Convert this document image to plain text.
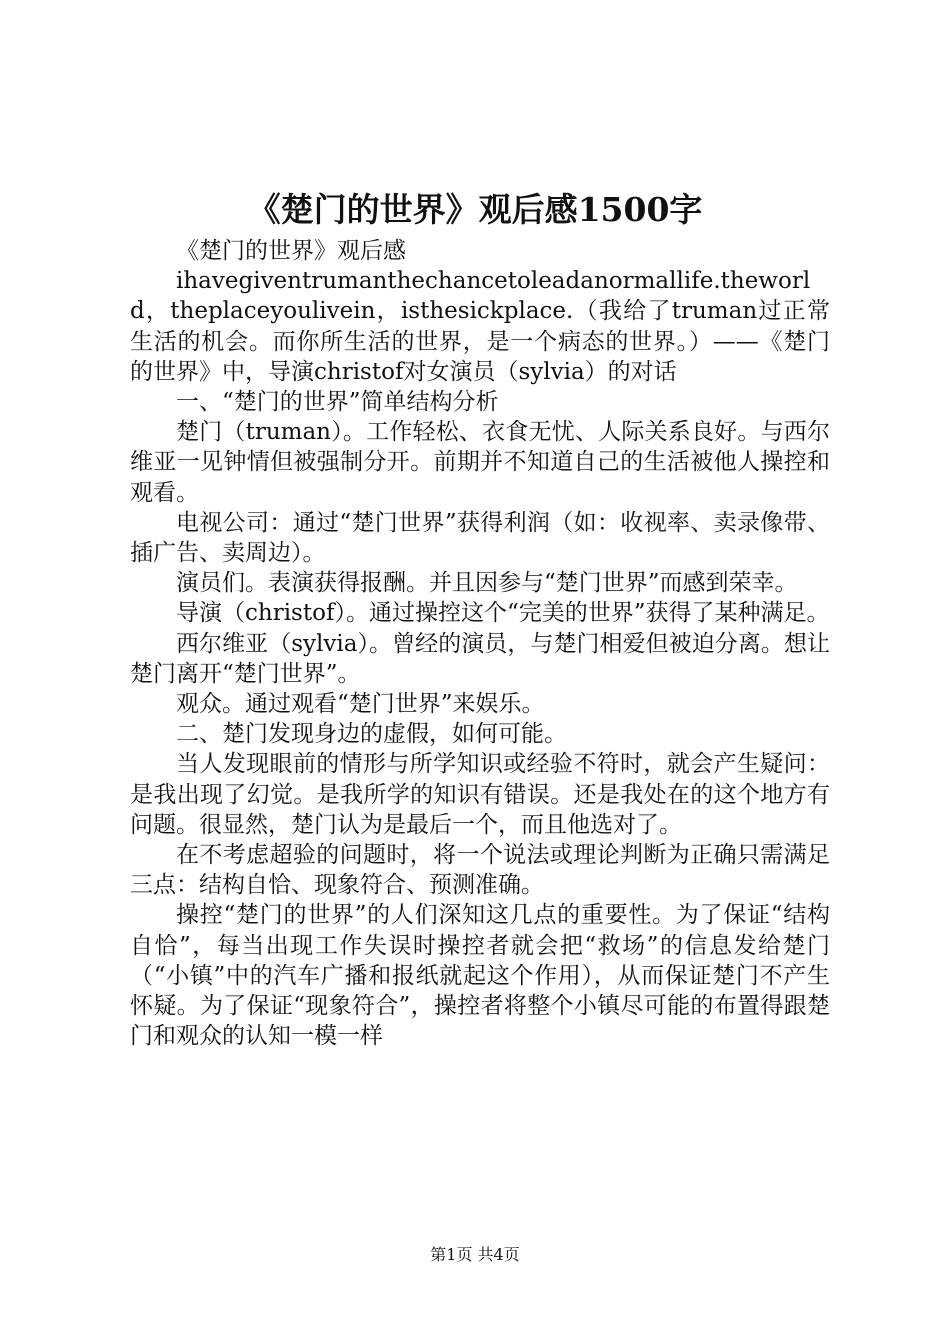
《楚门的世界》观后感1500字

《楚门的世界》观后感

ihavegiventrumanthechancetoleadanormallife.theworld，theplaceyoulivein，isthesickplace.（我给了truman过正常生活的机会。而你所生活的世界，是一个病态的世界。）——《楚门的世界》中，导演christof对女演员（sylvia）的对话

一、“楚门的世界”简单结构分析

楚门（truman）。工作轻松、衣食无忧、人际关系良好。与西尔维亚一见钟情但被强制分开。前期并不知道自己的生活被他人操控和观看。

电视公司：通过“楚门世界”获得利润（如：收视率、卖录像带、插广告、卖周边）。

演员们。表演获得报酬。并且因参与“楚门世界”而感到荣幸。

导演（christof）。通过操控这个“完美的世界”获得了某种满足。

西尔维亚（sylvia）。曾经的演员，与楚门相爱但被迫分离。想让楚门离开“楚门世界”。

观众。通过观看“楚门世界”来娱乐。

二、楚门发现身边的虚假，如何可能。

当人发现眼前的情形与所学知识或经验不符时，就会产生疑问：是我出现了幻觉。是我所学的知识有错误。还是我处在的这个地方有问题。很显然，楚门认为是最后一个，而且他选对了。

在不考虑超验的问题时，将一个说法或理论判断为正确只需满足三点：结构自恰、现象符合、预测准确。

操控“楚门的世界”的人们深知这几点的重要性。为了保证“结构自恰”，每当出现工作失误时操控者就会把“救场”的信息发给楚门（“小镇”中的汽车广播和报纸就起这个作用），从而保证楚门不产生怀疑。为了保证“现象符合”，操控者将整个小镇尽可能的布置得跟楚门和观众的认知一模一样

第1页 共4页
